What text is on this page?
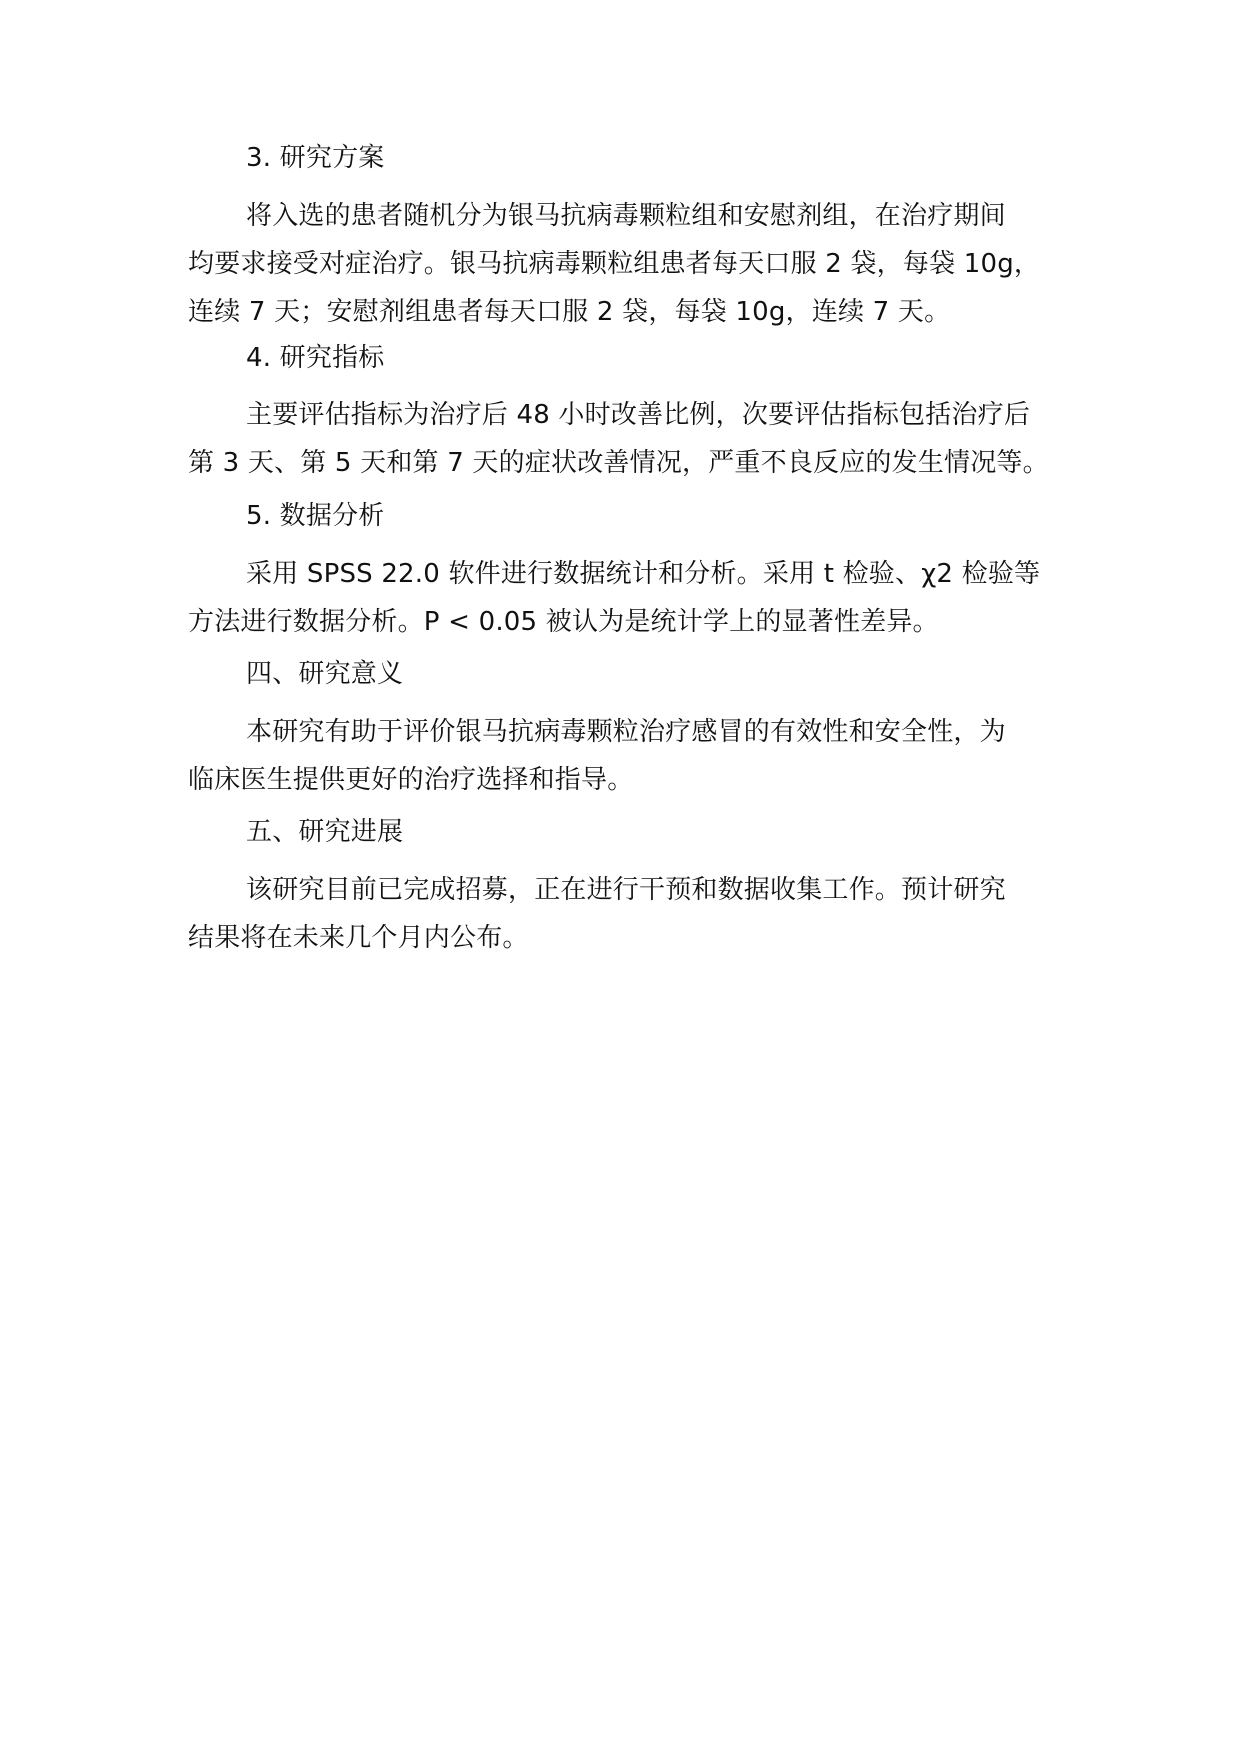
3. 研究方案
将入选的患者随机分为银马抗病毒颗粒组和安慰剂组，在治疗期间
均要求接受对症治疗。银马抗病毒颗粒组患者每天口服 2 袋，每袋 10g，
连续 7 天；安慰剂组患者每天口服 2 袋，每袋 10g，连续 7 天。
4. 研究指标
主要评估指标为治疗后 48 小时改善比例，次要评估指标包括治疗后
第 3 天、第 5 天和第 7 天的症状改善情况，严重不良反应的发生情况等。
5. 数据分析
采用 SPSS 22.0 软件进行数据统计和分析。采用 t 检验、χ2 检验等
方法进行数据分析。P < 0.05 被认为是统计学上的显著性差异。
四、研究意义
本研究有助于评价银马抗病毒颗粒治疗感冒的有效性和安全性，为
临床医生提供更好的治疗选择和指导。
五、研究进展
该研究目前已完成招募，正在进行干预和数据收集工作。预计研究
结果将在未来几个月内公布。
